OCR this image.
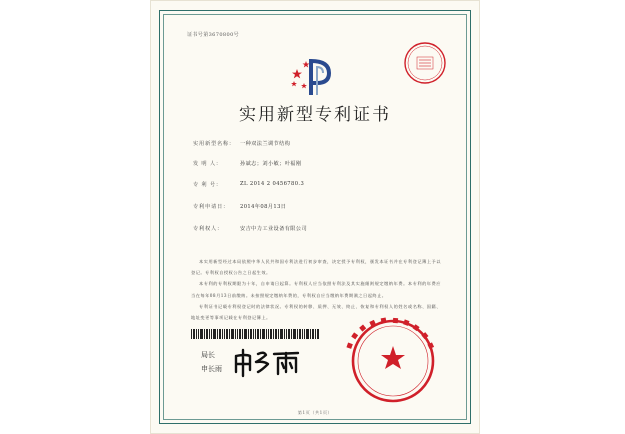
证书号第3670800号
实用新型专利证书
实用新型名称： 一种双法兰调节结构
发 明 人：	孙斌志；刘小敏；叶福刚
专 利 号：	ZL 2014 2 0456780.3
专利申请日： 2014年08月13日
专利权人：	安吉中力工业设备有限公司

本实用新型经过本局依照中华人民共和国专利法进行初步审查，决定授予专利权，颁发本证书并在专利登记簿上予以登记。专利权自授权公告之日起生效。

本专利的专利权期限为十年，自申请日起算。专利权人应当依照专利法及其实施细则规定缴纳年费。本专利的年费应当在每年08月13日前缴纳。未按照规定缴纳年费的，专利权自应当缴纳年费期满之日起终止。

专利证书记载专利权登记时的法律状况。专利权的转移、质押、无效、终止、恢复和专利权人的姓名或名称、国籍、地址变更等事项记载在专利登记簿上。

局长
申长雨
第1页（共1页）
